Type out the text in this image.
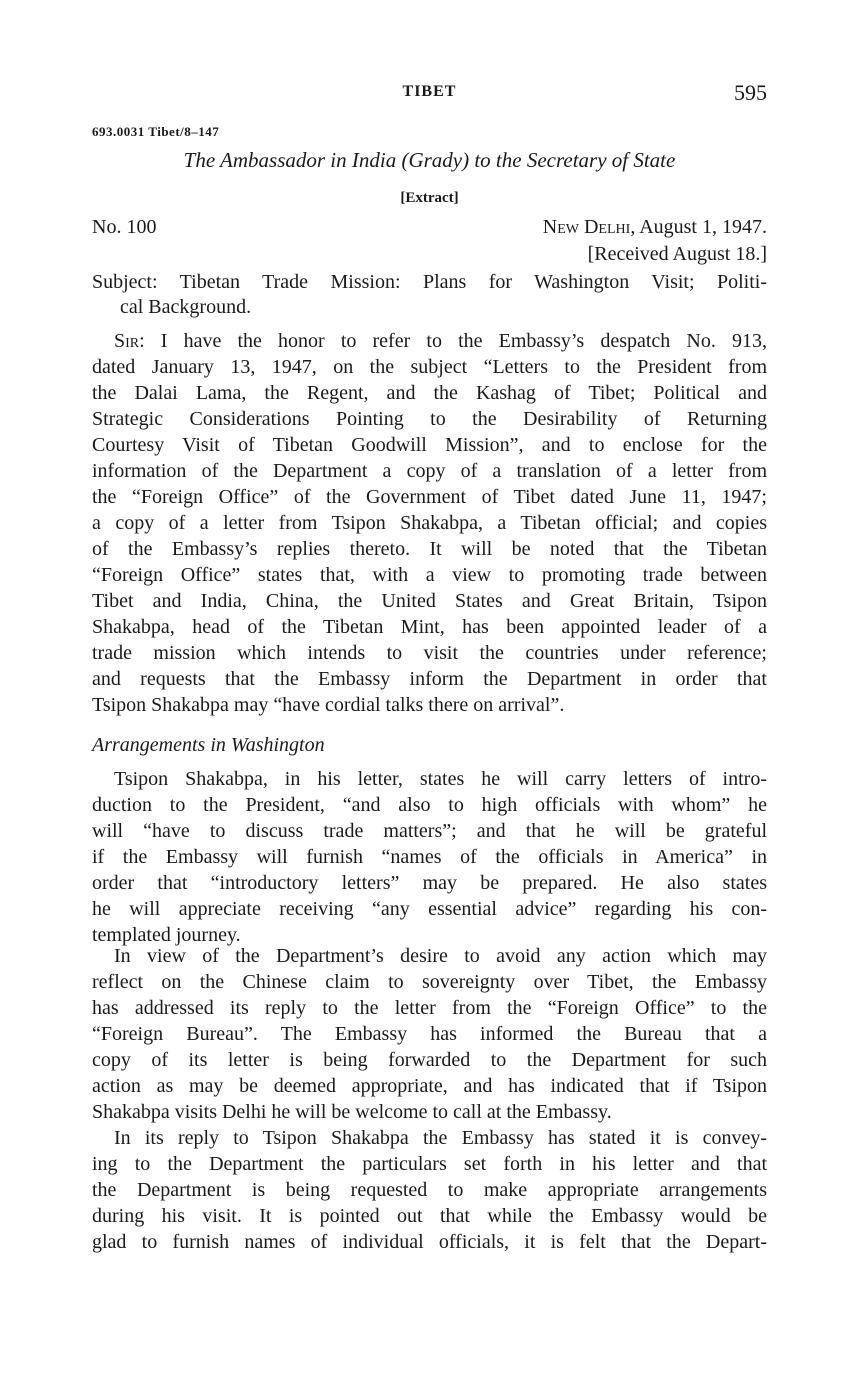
TIBET	595
693.0031 Tibet/8–147
The Ambassador in India (Grady) to the Secretary of State
[Extract]
No. 100	New Delhi, August 1, 1947.
[Received August 18.]
Subject: Tibetan Trade Mission: Plans for Washington Visit; Politi-
cal Background.
Sir: I have the honor to refer to the Embassy’s despatch No. 913,
dated January 13, 1947, on the subject “Letters to the President from
the Dalai Lama, the Regent, and the Kashag of Tibet; Political and
Strategic Considerations Pointing to the Desirability of Returning
Courtesy Visit of Tibetan Goodwill Mission”, and to enclose for the
information of the Department a copy of a translation of a letter from
the “Foreign Office” of the Government of Tibet dated June 11, 1947;
a copy of a letter from Tsipon Shakabpa, a Tibetan official; and copies
of the Embassy’s replies thereto. It will be noted that the Tibetan
“Foreign Office” states that, with a view to promoting trade between
Tibet and India, China, the United States and Great Britain, Tsipon
Shakabpa, head of the Tibetan Mint, has been appointed leader of a
trade mission which intends to visit the countries under reference;
and requests that the Embassy inform the Department in order that
Tsipon Shakabpa may “have cordial talks there on arrival”.
Arrangements in Washington
Tsipon Shakabpa, in his letter, states he will carry letters of intro-
duction to the President, “and also to high officials with whom” he
will “have to discuss trade matters”; and that he will be grateful
if the Embassy will furnish “names of the officials in America” in
order that “introductory letters” may be prepared. He also states
he will appreciate receiving “any essential advice” regarding his con-
templated journey.
In view of the Department’s desire to avoid any action which may
reflect on the Chinese claim to sovereignty over Tibet, the Embassy
has addressed its reply to the letter from the “Foreign Office” to the
“Foreign Bureau”. The Embassy has informed the Bureau that a
copy of its letter is being forwarded to the Department for such
action as may be deemed appropriate, and has indicated that if Tsipon
Shakabpa visits Delhi he will be welcome to call at the Embassy.
In its reply to Tsipon Shakabpa the Embassy has stated it is convey-
ing to the Department the particulars set forth in his letter and that
the Department is being requested to make appropriate arrangements
during his visit. It is pointed out that while the Embassy would be
glad to furnish names of individual officials, it is felt that the Depart-
